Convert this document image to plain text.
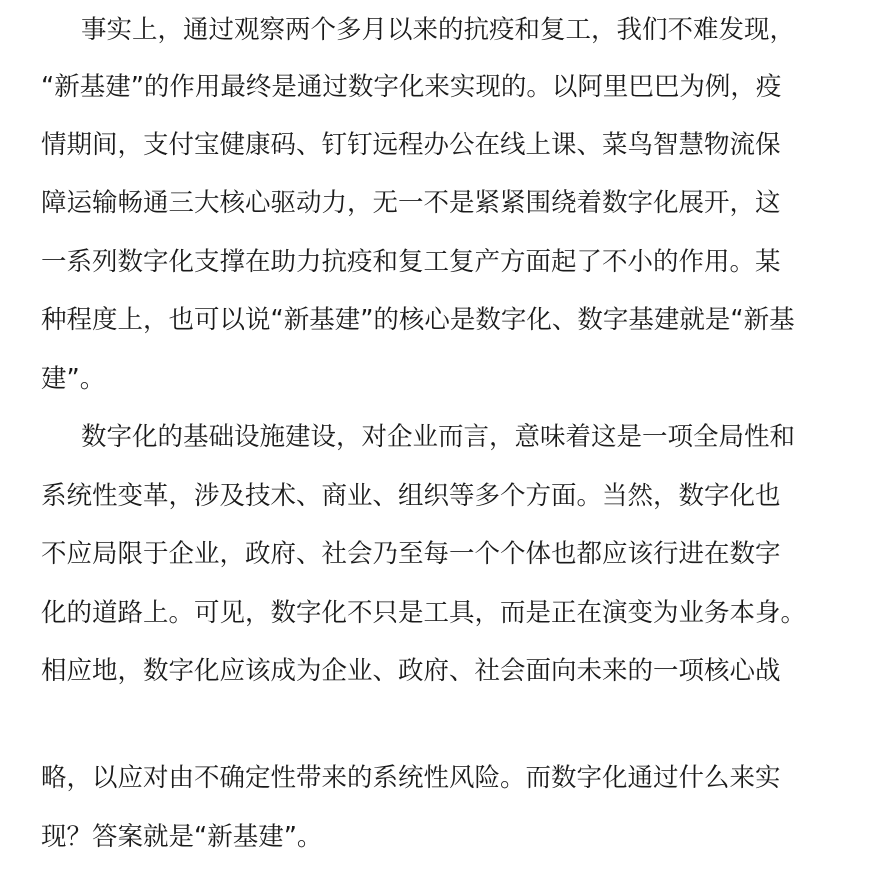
事实上，通过观察两个多月以来的抗疫和复工，我们不难发现，

“新基建”的作用最终是通过数字化来实现的。以阿里巴巴为例，疫

情期间，支付宝健康码、钉钉远程办公在线上课、菜鸟智慧物流保

障运输畅通三大核心驱动力，无一不是紧紧围绕着数字化展开，这

一系列数字化支撑在助力抗疫和复工复产方面起了不小的作用。某

种程度上，也可以说“新基建”的核心是数字化、数字基建就是“新基

建”。

数字化的基础设施建设，对企业而言，意味着这是一项全局性和

系统性变革，涉及技术、商业、组织等多个方面。当然，数字化也

不应局限于企业，政府、社会乃至每一个个体也都应该行进在数字

化的道路上。可见，数字化不只是工具，而是正在演变为业务本身。

相应地，数字化应该成为企业、政府、社会面向未来的一项核心战

略，以应对由不确定性带来的系统性风险。而数字化通过什么来实

现？答案就是“新基建”。
